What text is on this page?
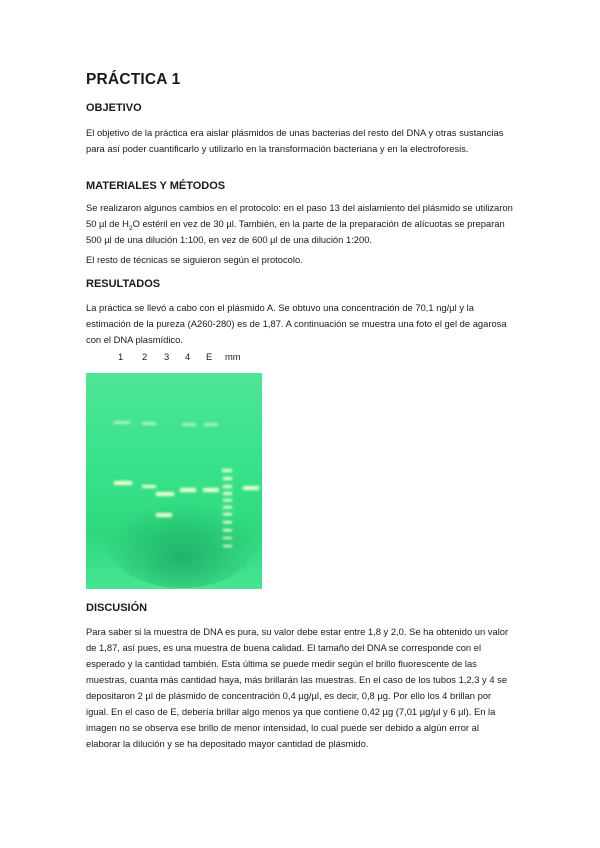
PRÁCTICA 1
OBJETIVO

El objetivo de la práctica era aislar plásmidos de unas bacterias del resto del DNA y otras sustancias para así poder cuantificarlo y utilizarlo en la transformación bacteriana y en la electroforesis.

MATERIALES Y MÉTODOS

Se realizaron algunos cambios en el protocolo: en el paso 13 del aislamiento del plásmido se utilizaron 50 µl de $H_2O$ estéril en vez de 30 µl. También, en la parte de la preparación de alícuotas se preparan 500 µl de una dilución 1:100, en vez de 600 µl de una dilución 1:200.

El resto de técnicas se siguieron según el protocolo.

RESULTADOS

La práctica se llevó a cabo con el plásmido A. Se obtuvo una concentración de 70,1 ng/µl y la estimación de la pureza (A260-280) es de 1,87. A continuación se muestra una foto el gel de agarosa con el DNA plasmídico.

1 2 3 4 E mm
DISCUSIÓN

Para saber si la muestra de DNA es pura, su valor debe estar entre 1,8 y 2,0. Se ha obtenido un valor de 1,87, así pues, es una muestra de buena calidad. El tamaño del DNA se corresponde con el esperado y la cantidad también. Esta última se puede medir según el brillo fluorescente de las muestras, cuanta más cantidad haya, más brillarán las muestras. En el caso de los tubos 1,2,3 y 4 se depositaron 2 µl de plásmido de concentración 0,4 µg/µl, es decir, 0,8 µg. Por ello los 4 brillan por igual. En el caso de E, debería brillar algo menos ya que contiene 0,42 µg (7,01 µg/µl y 6 µl). En la imagen no se observa ese brillo de menor intensidad, lo cual puede ser debido a algún error al elaborar la dilución y se ha depositado mayor cantidad de plásmido.
